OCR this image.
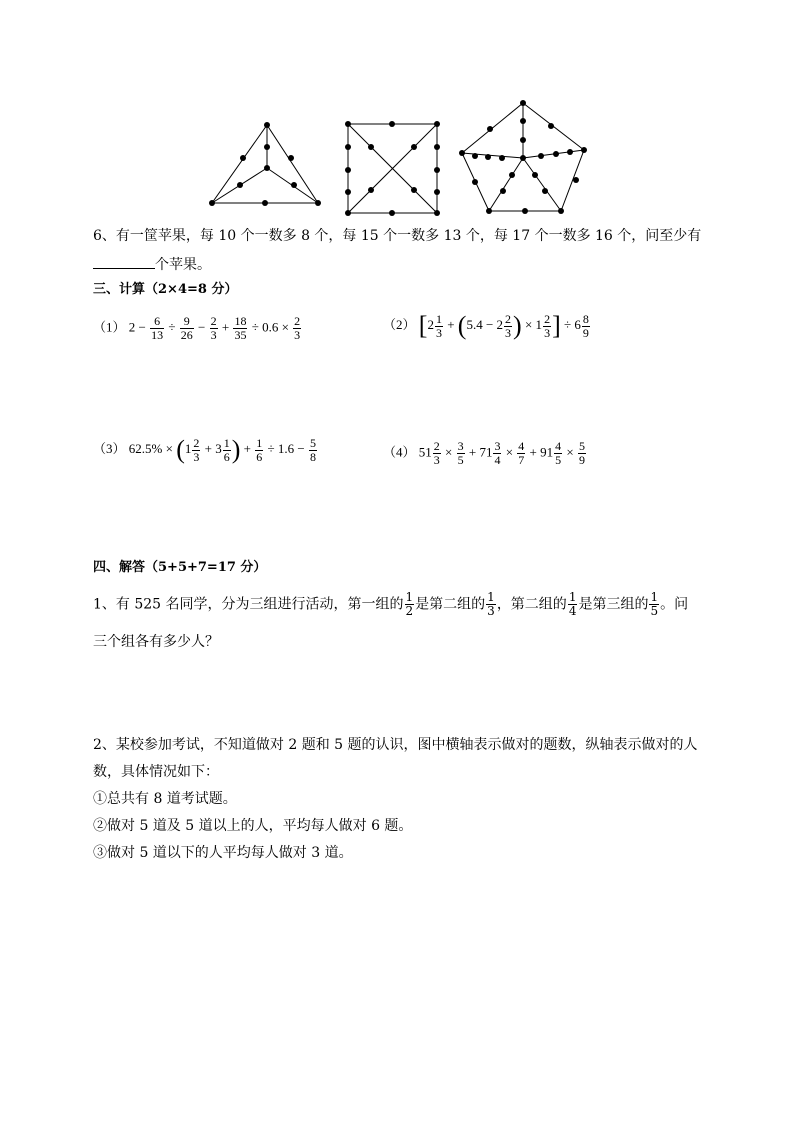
6、有一筐苹果，每 10 个一数多 8 个，每 15 个一数多 13 个，每 17 个一数多 16 个，问至少有
个苹果。
三、计算（2×4=8 分）
（1） $2 - \frac{6}{13} \div \frac{9}{26} - \frac{2}{3} + \frac{18}{35} \div 0.6 \times \frac{2}{3}$	（2） [$2 \frac{1}{3} + (5.4 - 2 \frac{2}{3}$ ) × $1 \frac{2}{3}$ ] ÷ $6 \frac{8}{9}$
（3） $62.5\% \times (1 \frac{2}{3} + 3 \frac{1}{6}$ ) + $\frac{1}{6} \div 1.6 - \frac{5}{8}$	（4） $51 \frac{2}{3} \times \frac{3}{5} + 71 \frac{3}{4} \times \frac{4}{7} + 91 \frac{4}{5} \times \frac{5}{9}$
四、解答（5+5+7=17 分）
1、有 525 名同学，分为三组进行活动，第一组的 $\frac{1}{2}$ 是第二组的 $\frac{1}{3}$ ，第二组的 $\frac{1}{4}$ 是第三组的 $\frac{1}{5}$ 。问
三个组各有多少人？
2、某校参加考试，不知道做对 2 题和 5 题的认识，图中横轴表示做对的题数，纵轴表示做对的人
数，具体情况如下：
①总共有 8 道考试题。
②做对 5 道及 5 道以上的人，平均每人做对 6 题。
③做对 5 道以下的人平均每人做对 3 道。
